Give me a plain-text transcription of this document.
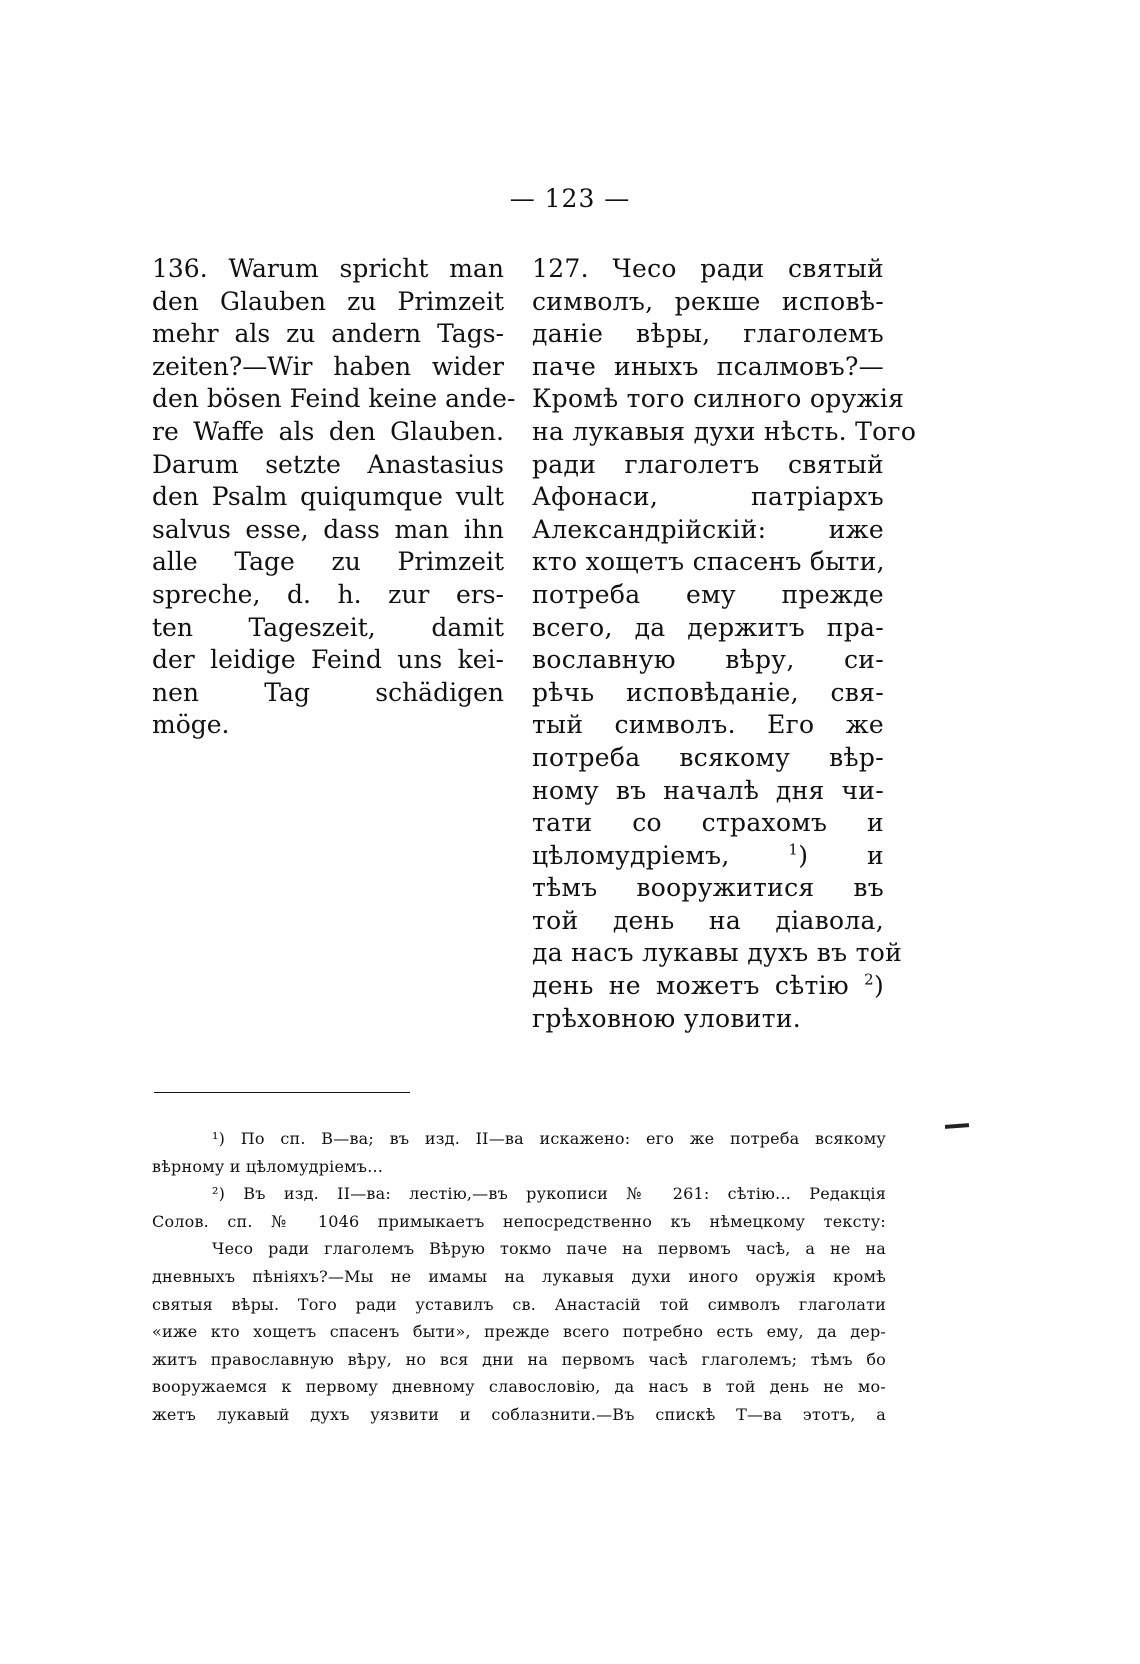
— 123 —
136. Warum spricht man
den Glauben zu Primzeit
mehr als zu andern Tags-
zeiten?—Wir haben wider
den bösen Feind keine ande-
re Waffe als den Glauben.
Darum setzte Anastasius
den Psalm quiqumque vult
salvus esse, dass man ihn
alle Tage zu Primzeit
spreche, d. h. zur ers-
ten Tageszeit, damit
der leidige Feind uns kei-
nen Tag schädigen
möge.
127. Чесо ради святый
символъ, рекше исповѣ-
даніе вѣры, глаголемъ
паче иныхъ псалмовъ?—
Кромѣ того силного оружія
на лукавыя духи нѣсть. Того
ради глаголетъ святый
Афонаси, патріархъ
Александрійскій: иже
кто хощетъ спасенъ быти,
потреба ему прежде
всего, да держитъ пра-
вославную вѣру, си-
рѣчь исповѣданіе, свя-
тый символъ. Его же
потреба всякому вѣр-
ному въ началѣ дня чи-
тати со страхомъ и
цѣломудріемъ,	$^1$) и
тѣмъ вооружитися въ
той день на діавола,
да насъ лукавы духъ въ той
день не можетъ сѣтію $^2$)
грѣховною уловити.
¹) По сп. В—ва; въ изд. II—ва искажено: его же потреба всякому
вѣрному и цѣломудріемъ...
²) Въ изд. II—ва: лестію,—въ рукописи № 261: сѣтію... Редакція
Солов. сп. № 1046 примыкаетъ непосредственно къ нѣмецкому тексту:
Чесо ради глаголемъ Вѣрую токмо паче на первомъ часѣ, а не на
дневныхъ пѣніяхъ?—Мы не имамы на лукавыя духи иного оружія кромѣ
святыя вѣры. Того ради уставилъ св. Анастасій той символъ глаголати
«иже кто хощетъ спасенъ быти», прежде всего потребно есть ему, да дер-
житъ православную вѣру, но вся дни на первомъ часѣ глаголемъ; тѣмъ бо
вооружаемся к первому дневному славословію, да насъ в той день не мо-
жетъ лукавый духъ уязвити и соблазнити.—Въ спискѣ Т—ва этотъ, а
